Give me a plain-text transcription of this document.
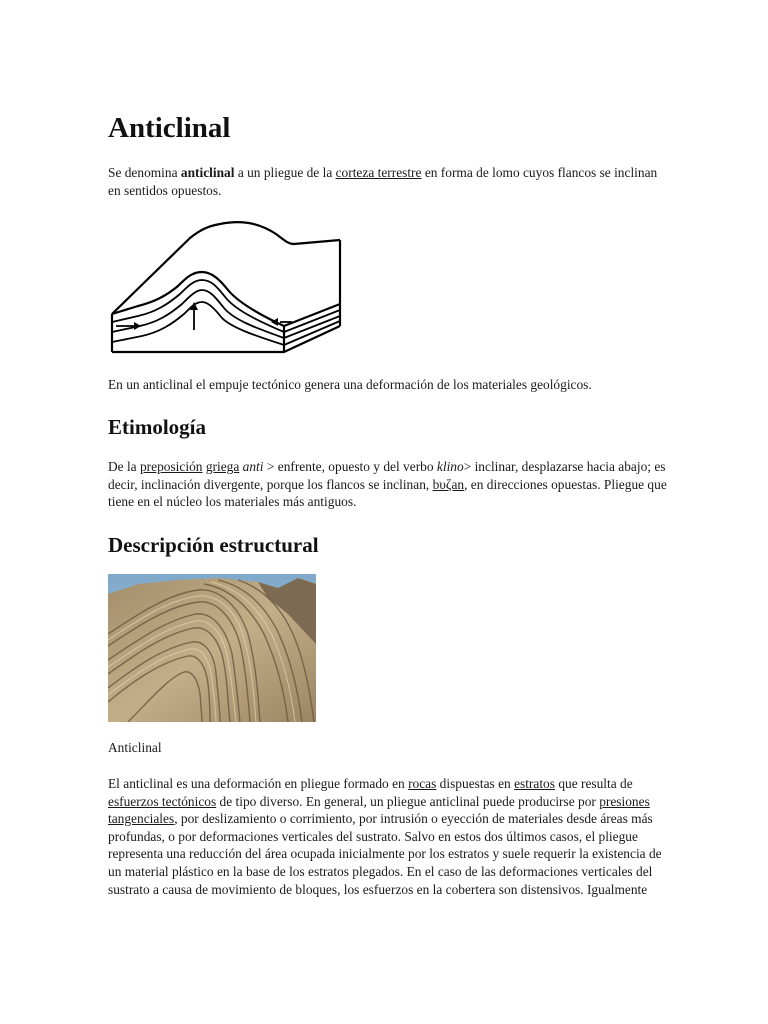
Anticlinal

Se denomina anticlinal a un pliegue de la corteza terrestre en forma de lomo cuyos flancos se inclinan en sentidos opuestos.

En un anticlinal el empuje tectónico genera una deformación de los materiales geológicos.

Etimología

De la preposición griega anti > enfrente, opuesto y del verbo klino> inclinar, desplazarse hacia abajo; es decir, inclinación divergente, porque los flancos se inclinan, bυζan, en direcciones opuestas. Pliegue que tiene en el núcleo los materiales más antiguos.

Descripción estructural

Anticlinal

El anticlinal es una deformación en pliegue formado en rocas dispuestas en estratos que resulta de esfuerzos tectónicos de tipo diverso. En general, un pliegue anticlinal puede producirse por presiones tangenciales, por deslizamiento o corrimiento, por intrusión o eyección de materiales desde áreas más profundas, o por deformaciones verticales del sustrato. Salvo en estos dos últimos casos, el pliegue representa una reducción del área ocupada inicialmente por los estratos y suele requerir la existencia de un material plástico en la base de los estratos plegados. En el caso de las deformaciones verticales del sustrato a causa de movimiento de bloques, los esfuerzos en la cobertera son distensivos. Igualmente
